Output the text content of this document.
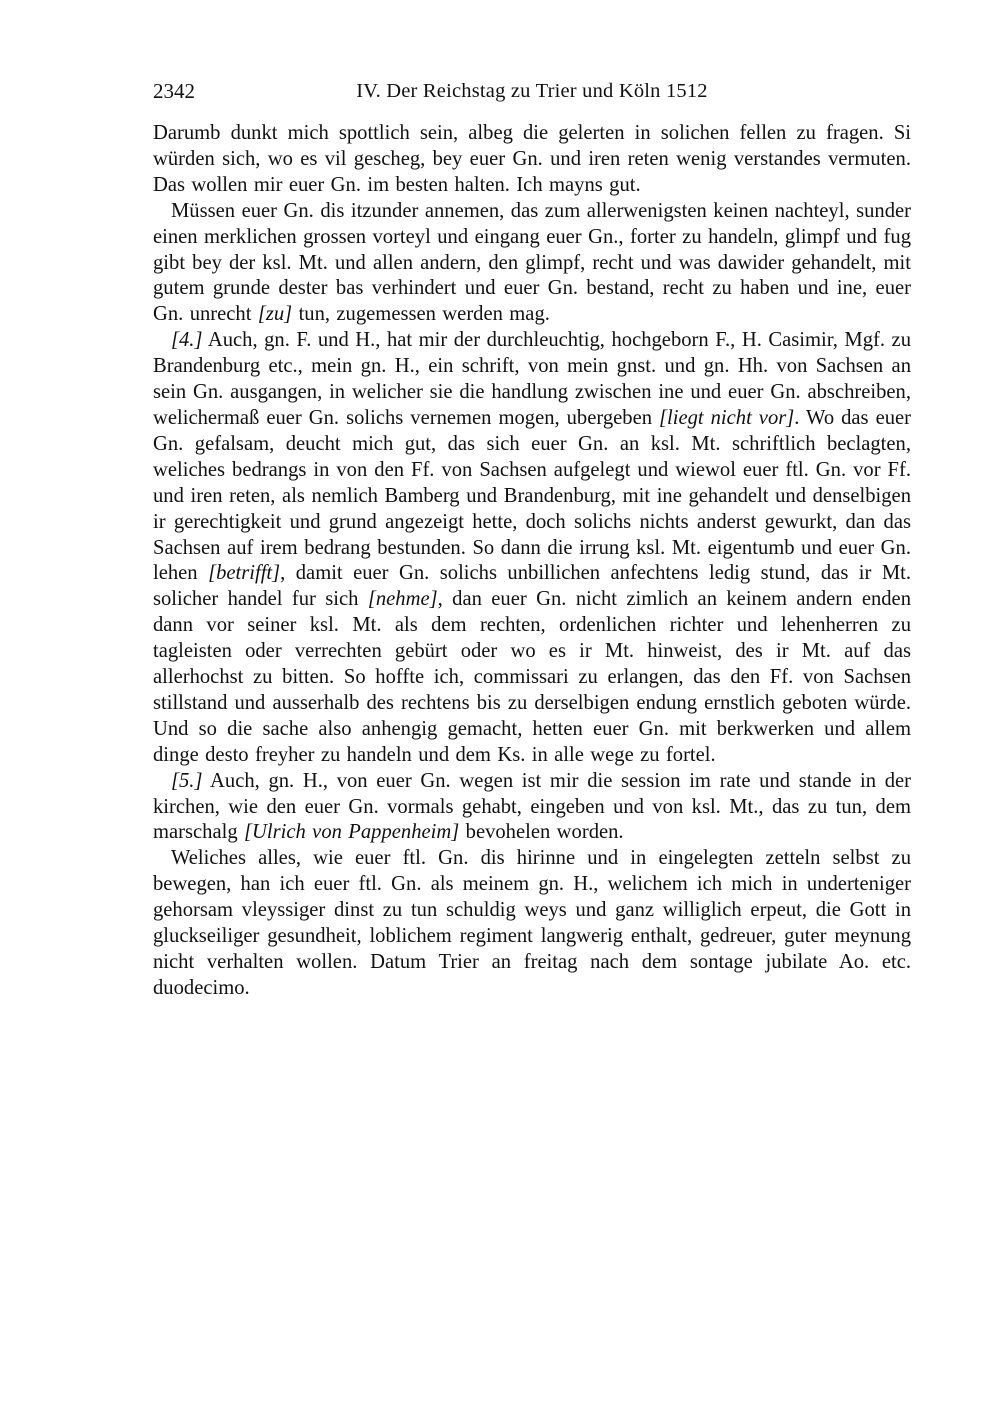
2342	IV. Der Reichstag zu Trier und Köln 1512

Darumb dunkt mich spottlich sein, albeg die gelerten in solichen fellen zu fragen. Si würden sich, wo es vil gescheg, bey euer Gn. und iren reten wenig verstandes vermuten. Das wollen mir euer Gn. im besten halten. Ich mayns gut.

Müssen euer Gn. dis itzunder annemen, das zum allerwenigsten keinen nachteyl, sunder einen merklichen grossen vorteyl und eingang euer Gn., forter zu handeln, glimpf und fug gibt bey der ksl. Mt. und allen andern, den glimpf, recht und was dawider gehandelt, mit gutem grunde dester bas verhindert und euer Gn. bestand, recht zu haben und ine, euer Gn. unrecht [zu] tun, zugemessen werden mag.

[4.] Auch, gn. F. und H., hat mir der durchleuchtig, hochgeborn F., H. Casimir, Mgf. zu Brandenburg etc., mein gn. H., ein schrift, von mein gnst. und gn. Hh. von Sachsen an sein Gn. ausgangen, in welicher sie die handlung zwischen ine und euer Gn. abschreiben, welichermaß euer Gn. solichs vernemen mogen, ubergeben [liegt nicht vor]. Wo das euer Gn. gefalsam, deucht mich gut, das sich euer Gn. an ksl. Mt. schriftlich beclagten, weliches bedrangs in von den Ff. von Sachsen aufgelegt und wiewol euer ftl. Gn. vor Ff. und iren reten, als nemlich Bamberg und Brandenburg, mit ine gehandelt und denselbigen ir gerechtigkeit und grund angezeigt hette, doch solichs nichts anderst gewurkt, dan das Sachsen auf irem bedrang bestunden. So dann die irrung ksl. Mt. eigentumb und euer Gn. lehen [betrifft], damit euer Gn. solichs unbillichen anfechtens ledig stund, das ir Mt. solicher handel fur sich [nehme], dan euer Gn. nicht zimlich an keinem andern enden dann vor seiner ksl. Mt. als dem rechten, ordenlichen richter und lehenherren zu tagleisten oder verrechten gebürt oder wo es ir Mt. hinweist, des ir Mt. auf das allerhochst zu bitten. So hoffte ich, commissari zu erlangen, das den Ff. von Sachsen stillstand und ausserhalb des rechtens bis zu derselbigen endung ernstlich geboten würde. Und so die sache also anhengig gemacht, hetten euer Gn. mit berkwerken und allem dinge desto freyher zu handeln und dem Ks. in alle wege zu fortel.

[5.] Auch, gn. H., von euer Gn. wegen ist mir die session im rate und stande in der kirchen, wie den euer Gn. vormals gehabt, eingeben und von ksl. Mt., das zu tun, dem marschalg [Ulrich von Pappenheim] bevohelen worden.

Weliches alles, wie euer ftl. Gn. dis hirinne und in eingelegten zetteln selbst zu bewegen, han ich euer ftl. Gn. als meinem gn. H., welichem ich mich in underteniger gehorsam vleyssiger dinst zu tun schuldig weys und ganz williglich erpeut, die Gott in gluckseiliger gesundheit, loblichem regiment langwerig enthalt, gedreuer, guter meynung nicht verhalten wollen. Datum Trier an freitag nach dem sontage jubilate Ao. etc. duodecimo.
